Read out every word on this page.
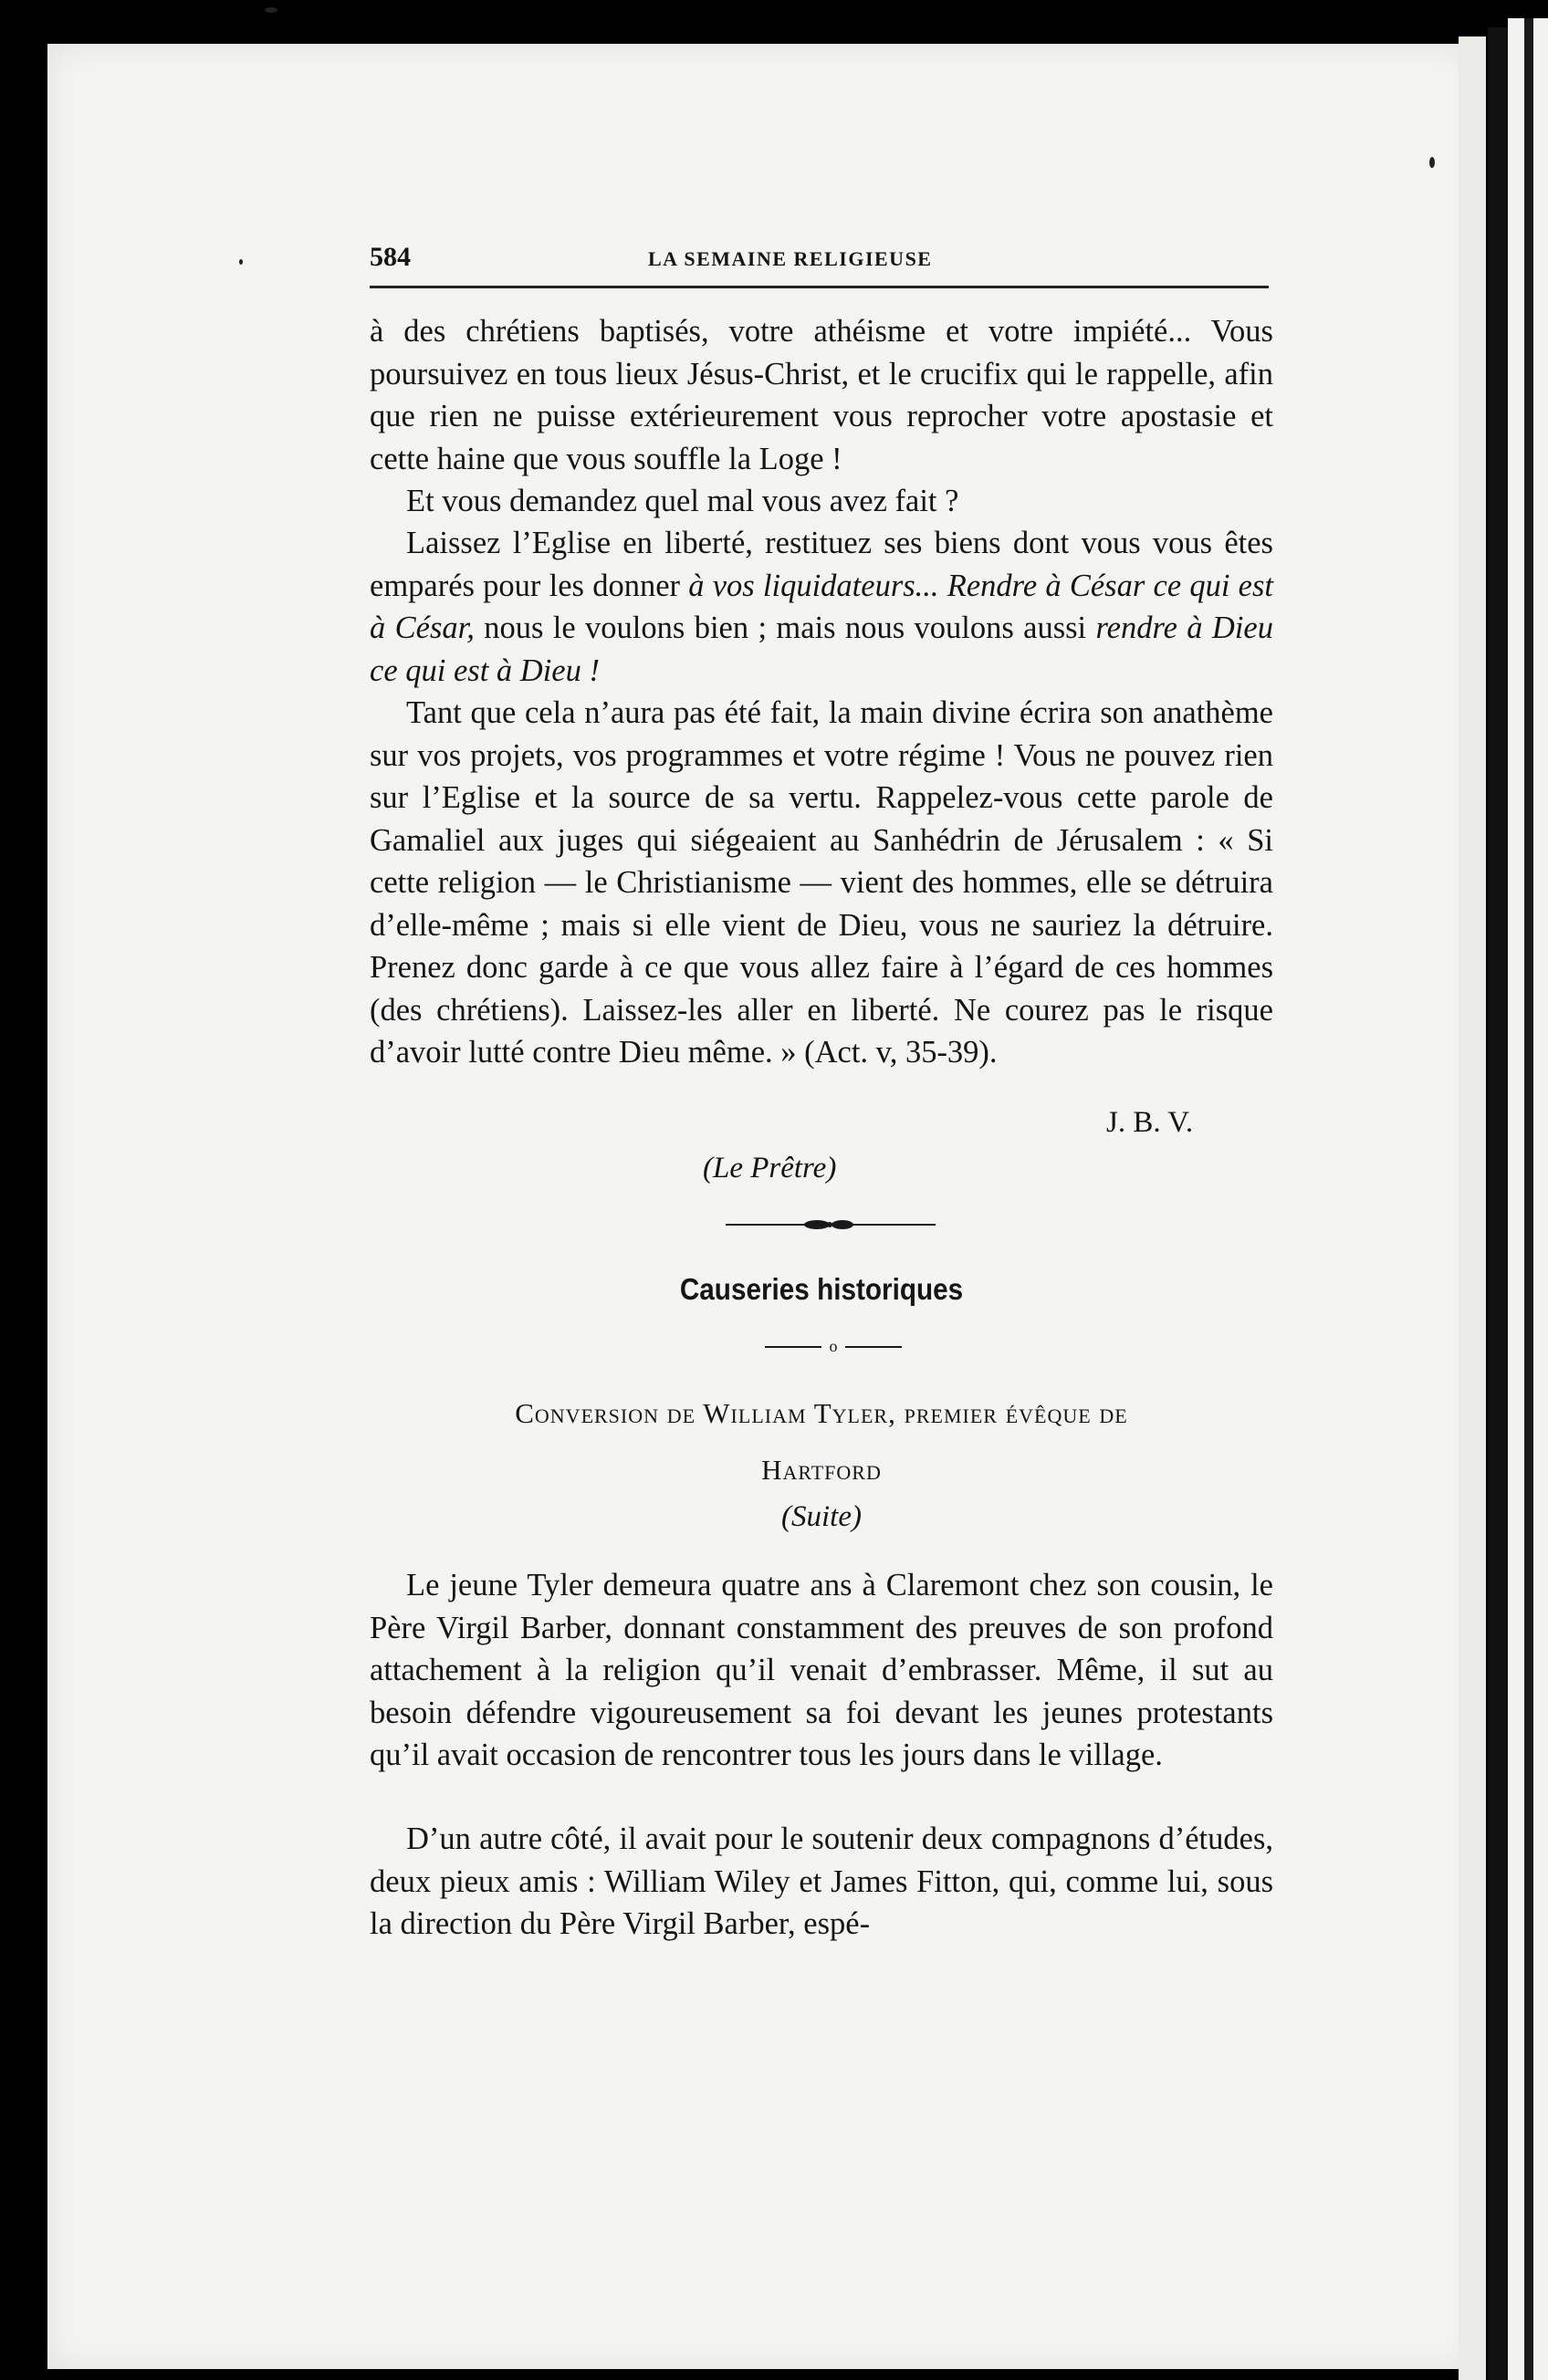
584	LA SEMAINE RELIGIEUSE

à des chrétiens baptisés, votre athéisme et votre impiété... Vous poursuivez en tous lieux Jésus-Christ, et le crucifix qui le rappelle, afin que rien ne puisse extérieurement vous reprocher votre apostasie et cette haine que vous souffle la Loge !

Et vous demandez quel mal vous avez fait ?

Laissez l’Eglise en liberté, restituez ses biens dont vous vous êtes emparés pour les donner à vos liquidateurs... Rendre à César ce qui est à César, nous le voulons bien ; mais nous voulons aussi rendre à Dieu ce qui est à Dieu !

Tant que cela n’aura pas été fait, la main divine écrira son anathème sur vos projets, vos programmes et votre régime ! Vous ne pouvez rien sur l’Eglise et la source de sa vertu. Rappelez-vous cette parole de Gamaliel aux juges qui siégeaient au Sanhédrin de Jérusalem : « Si cette religion — le Christianisme — vient des hommes, elle se détruira d’elle-même ; mais si elle vient de Dieu, vous ne sauriez la détruire. Prenez donc garde à ce que vous allez faire à l’égard de ces hommes (des chrétiens). Laissez-les aller en liberté. Ne courez pas le risque d’avoir lutté contre Dieu même. » (Act. v, 35-39).

J. B. V.
(Le Prêtre)
Causeries historiques
o
Conversion de William Tyler, premier évêque de
Hartford
(Suite)

Le jeune Tyler demeura quatre ans à Claremont chez son cousin, le Père Virgil Barber, donnant constamment des preuves de son profond attachement à la religion qu’il venait d’embrasser. Même, il sut au besoin défendre vigoureusement sa foi devant les jeunes protestants qu’il avait occasion de rencontrer tous les jours dans le village.

D’un autre côté, il avait pour le soutenir deux compagnons d’études, deux pieux amis : William Wiley et James Fitton, qui, comme lui, sous la direction du Père Virgil Barber, espé-
